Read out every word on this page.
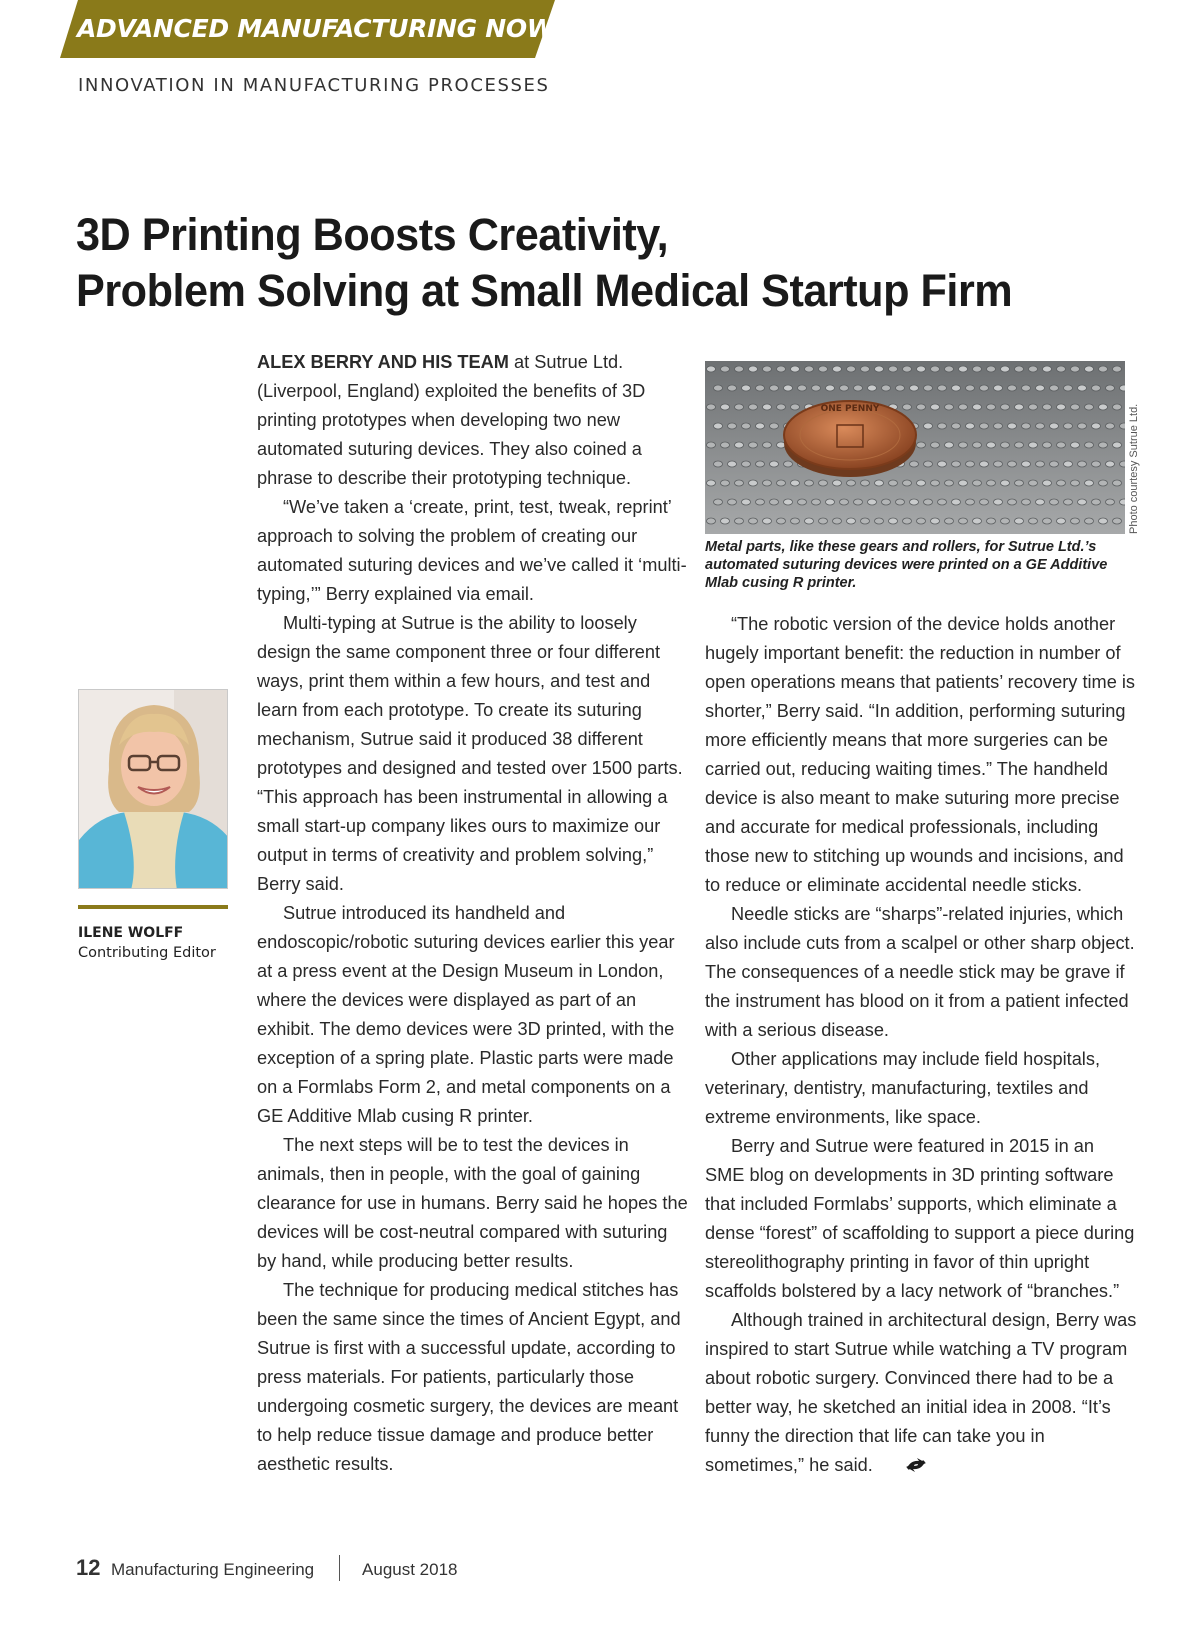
ADVANCED MANUFACTURING NOW
INNOVATION IN MANUFACTURING PROCESSES
3D Printing Boosts Creativity,
Problem Solving at Small Medical Startup Firm
ILENE WOLFF
Contributing Editor

ALEX BERRY AND HIS TEAM at Sutrue Ltd. (Liverpool, England) exploited the benefits of 3D printing prototypes when developing two new automated suturing devices. They also coined a phrase to describe their prototyping technique.

“We’ve taken a ‘create, print, test, tweak, reprint’ approach to solving the problem of creating our automated suturing devices and we’ve called it ‘multi-typing,’” Berry explained via email.

Multi-typing at Sutrue is the ability to loosely design the same component three or four different ways, print them within a few hours, and test and learn from each prototype. To create its suturing mechanism, Sutrue said it produced 38 different prototypes and designed and tested over 1500 parts. “This approach has been instrumental in allowing a small start-up company likes ours to maximize our output in terms of creativity and problem solving,” Berry said.

Sutrue introduced its handheld and endoscopic/robotic suturing devices earlier this year at a press event at the Design Museum in London, where the devices were displayed as part of an exhibit. The demo devices were 3D printed, with the exception of a spring plate. Plastic parts were made on a Formlabs Form 2, and metal components on a GE Additive Mlab cusing R printer.

The next steps will be to test the devices in animals, then in people, with the goal of gaining clearance for use in humans. Berry said he hopes the devices will be cost-neutral compared with suturing by hand, while producing better results.

The technique for producing medical stitches has been the same since the times of Ancient Egypt, and Sutrue is first with a successful update, according to press materials. For patients, particularly those undergoing cosmetic surgery, the devices are meant to help reduce tissue damage and produce better aesthetic results.

ONE PENNY	Photo courtesy Sutrue Ltd.

Metal parts, like these gears and rollers, for Sutrue Ltd.’s automated suturing devices were printed on a GE Additive Mlab cusing R printer.

“The robotic version of the device holds another hugely important benefit: the reduction in number of open operations means that patients’ recovery time is shorter,” Berry said. “In addition, performing suturing more efficiently means that more surgeries can be carried out, reducing waiting times.” The handheld device is also meant to make suturing more precise and accurate for medical professionals, including those new to stitching up wounds and incisions, and to reduce or eliminate accidental needle sticks.

Needle sticks are “sharps”-related injuries, which also include cuts from a scalpel or other sharp object. The consequences of a needle stick may be grave if the instrument has blood on it from a patient infected with a serious disease.

Other applications may include field hospitals, veterinary, dentistry, manufacturing, textiles and extreme environments, like space.

Berry and Sutrue were featured in 2015 in an SME blog on developments in 3D printing software that included Formlabs’ supports, which eliminate a dense “forest” of scaffolding to support a piece during stereolithography printing in favor of thin upright scaffolds bolstered by a lacy network of “branches.”

Although trained in architectural design, Berry was inspired to start Sutrue while watching a TV program about robotic surgery. Convinced there had to be a better way, he sketched an initial idea in 2008. “It’s funny the direction that life can take you in sometimes,” he said.

12 Manufacturing Engineering	August 2018
